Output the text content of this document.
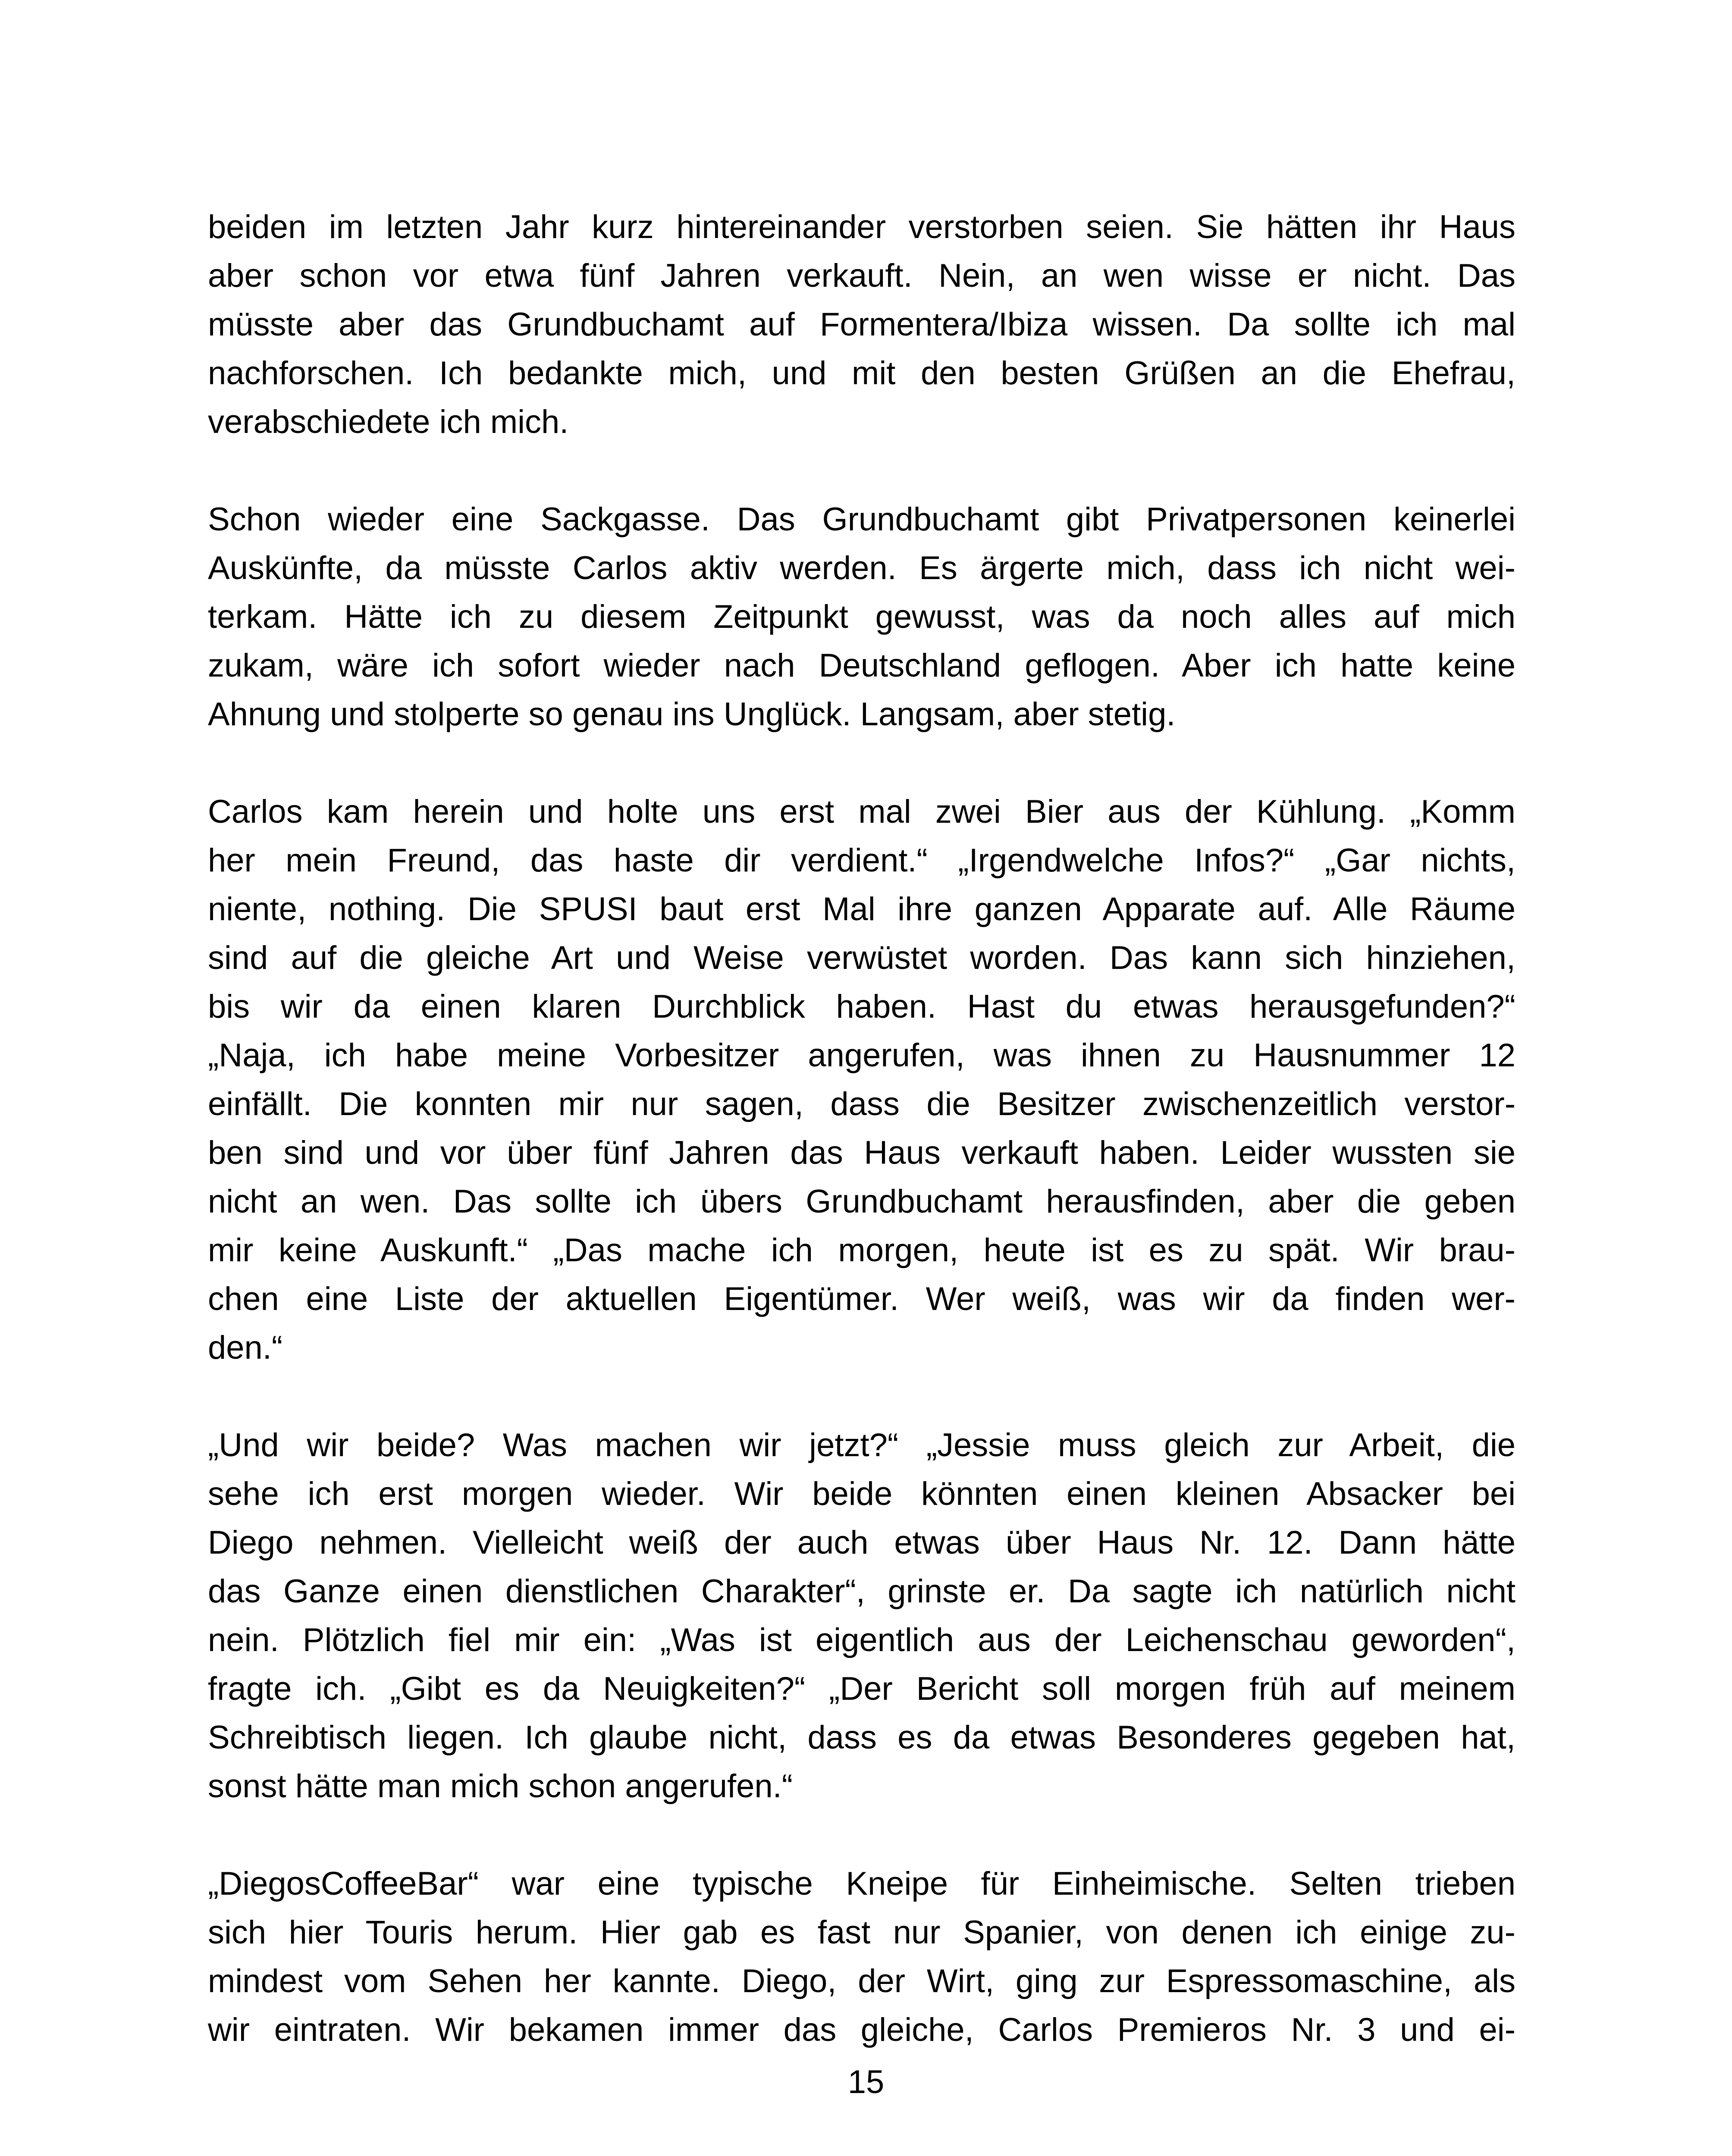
beiden im letzten Jahr kurz hintereinander verstorben seien. Sie hätten ihr Haus
aber schon vor etwa fünf Jahren verkauft. Nein, an wen wisse er nicht. Das
müsste aber das Grundbuchamt auf Formentera/Ibiza wissen. Da sollte ich mal
nachforschen. Ich bedankte mich, und mit den besten Grüßen an die Ehefrau,
verabschiedete ich mich.

Schon wieder eine Sackgasse. Das Grundbuchamt gibt Privatpersonen keinerlei
Auskünfte, da müsste Carlos aktiv werden. Es ärgerte mich, dass ich nicht wei-
terkam. Hätte ich zu diesem Zeitpunkt gewusst, was da noch alles auf mich
zukam, wäre ich sofort wieder nach Deutschland geflogen. Aber ich hatte keine
Ahnung und stolperte so genau ins Unglück. Langsam, aber stetig.

Carlos kam herein und holte uns erst mal zwei Bier aus der Kühlung. „Komm
her mein Freund, das haste dir verdient.“ „Irgendwelche Infos?“ „Gar nichts,
niente, nothing. Die SPUSI baut erst Mal ihre ganzen Apparate auf. Alle Räume
sind auf die gleiche Art und Weise verwüstet worden. Das kann sich hinziehen,
bis wir da einen klaren Durchblick haben. Hast du etwas herausgefunden?“
„Naja, ich habe meine Vorbesitzer angerufen, was ihnen zu Hausnummer 12
einfällt. Die konnten mir nur sagen, dass die Besitzer zwischenzeitlich verstor-
ben sind und vor über fünf Jahren das Haus verkauft haben. Leider wussten sie
nicht an wen. Das sollte ich übers Grundbuchamt herausfinden, aber die geben
mir keine Auskunft.“ „Das mache ich morgen, heute ist es zu spät. Wir brau-
chen eine Liste der aktuellen Eigentümer. Wer weiß, was wir da finden wer-
den.“

„Und wir beide? Was machen wir jetzt?“ „Jessie muss gleich zur Arbeit, die
sehe ich erst morgen wieder. Wir beide könnten einen kleinen Absacker bei
Diego nehmen. Vielleicht weiß der auch etwas über Haus Nr. 12. Dann hätte
das Ganze einen dienstlichen Charakter“, grinste er. Da sagte ich natürlich nicht
nein. Plötzlich fiel mir ein: „Was ist eigentlich aus der Leichenschau geworden“,
fragte ich. „Gibt es da Neuigkeiten?“ „Der Bericht soll morgen früh auf meinem
Schreibtisch liegen. Ich glaube nicht, dass es da etwas Besonderes gegeben hat,
sonst hätte man mich schon angerufen.“

„DiegosCoffeeBar“ war eine typische Kneipe für Einheimische. Selten trieben
sich hier Touris herum. Hier gab es fast nur Spanier, von denen ich einige zu-
mindest vom Sehen her kannte. Diego, der Wirt, ging zur Espressomaschine, als
wir eintraten. Wir bekamen immer das gleiche, Carlos Premieros Nr. 3 und ei-

15
